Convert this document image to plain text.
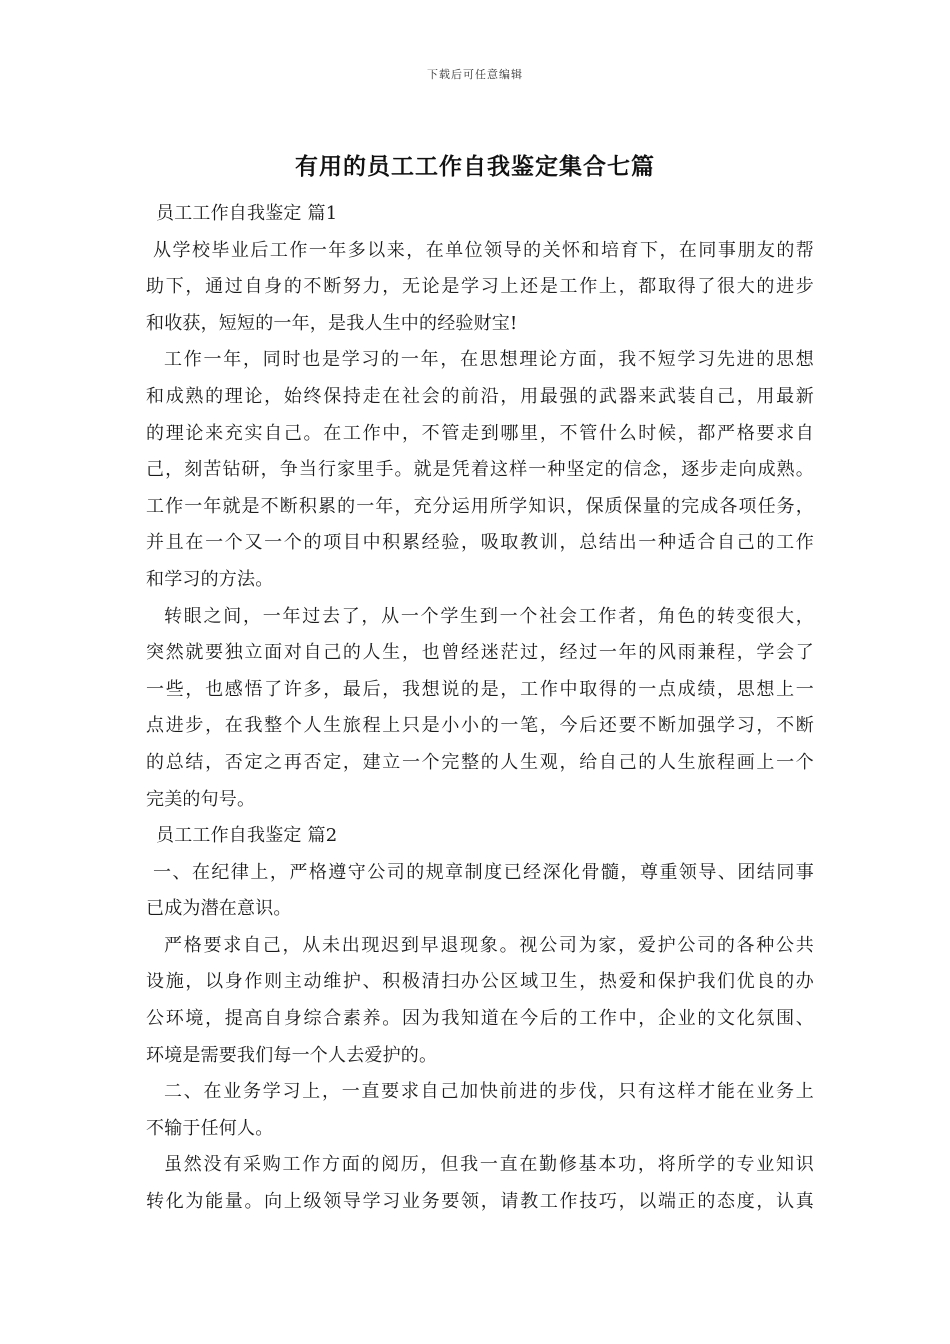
下载后可任意编辑
有用的员工工作自我鉴定集合七篇
员工工作自我鉴定 篇1
从学校毕业后工作一年多以来，在单位领导的关怀和培育下，在同事朋友的帮
助下，通过自身的不断努力，无论是学习上还是工作上，都取得了很大的进步
和收获，短短的一年，是我人生中的经验财宝!
工作一年，同时也是学习的一年，在思想理论方面，我不短学习先进的思想
和成熟的理论，始终保持走在社会的前沿，用最强的武器来武装自己，用最新
的理论来充实自己。在工作中，不管走到哪里，不管什么时候，都严格要求自
己，刻苦钻研，争当行家里手。就是凭着这样一种坚定的信念，逐步走向成熟。
工作一年就是不断积累的一年，充分运用所学知识，保质保量的完成各项任务，
并且在一个又一个的项目中积累经验，吸取教训，总结出一种适合自己的工作
和学习的方法。
转眼之间，一年过去了，从一个学生到一个社会工作者，角色的转变很大，
突然就要独立面对自己的人生，也曾经迷茫过，经过一年的风雨兼程，学会了
一些，也感悟了许多，最后，我想说的是，工作中取得的一点成绩，思想上一
点进步，在我整个人生旅程上只是小小的一笔，今后还要不断加强学习，不断
的总结，否定之再否定，建立一个完整的人生观，给自己的人生旅程画上一个
完美的句号。
员工工作自我鉴定 篇2
一、在纪律上，严格遵守公司的规章制度已经深化骨髓，尊重领导、团结同事
已成为潜在意识。
严格要求自己，从未出现迟到早退现象。视公司为家，爱护公司的各种公共
设施，以身作则主动维护、积极清扫办公区域卫生，热爱和保护我们优良的办
公环境，提高自身综合素养。因为我知道在今后的工作中，企业的文化氛围、
环境是需要我们每一个人去爱护的。
二、在业务学习上，一直要求自己加快前进的步伐，只有这样才能在业务上
不输于任何人。
虽然没有采购工作方面的阅历，但我一直在勤修基本功，将所学的专业知识
转化为能量。向上级领导学习业务要领，请教工作技巧，以端正的态度，认真
